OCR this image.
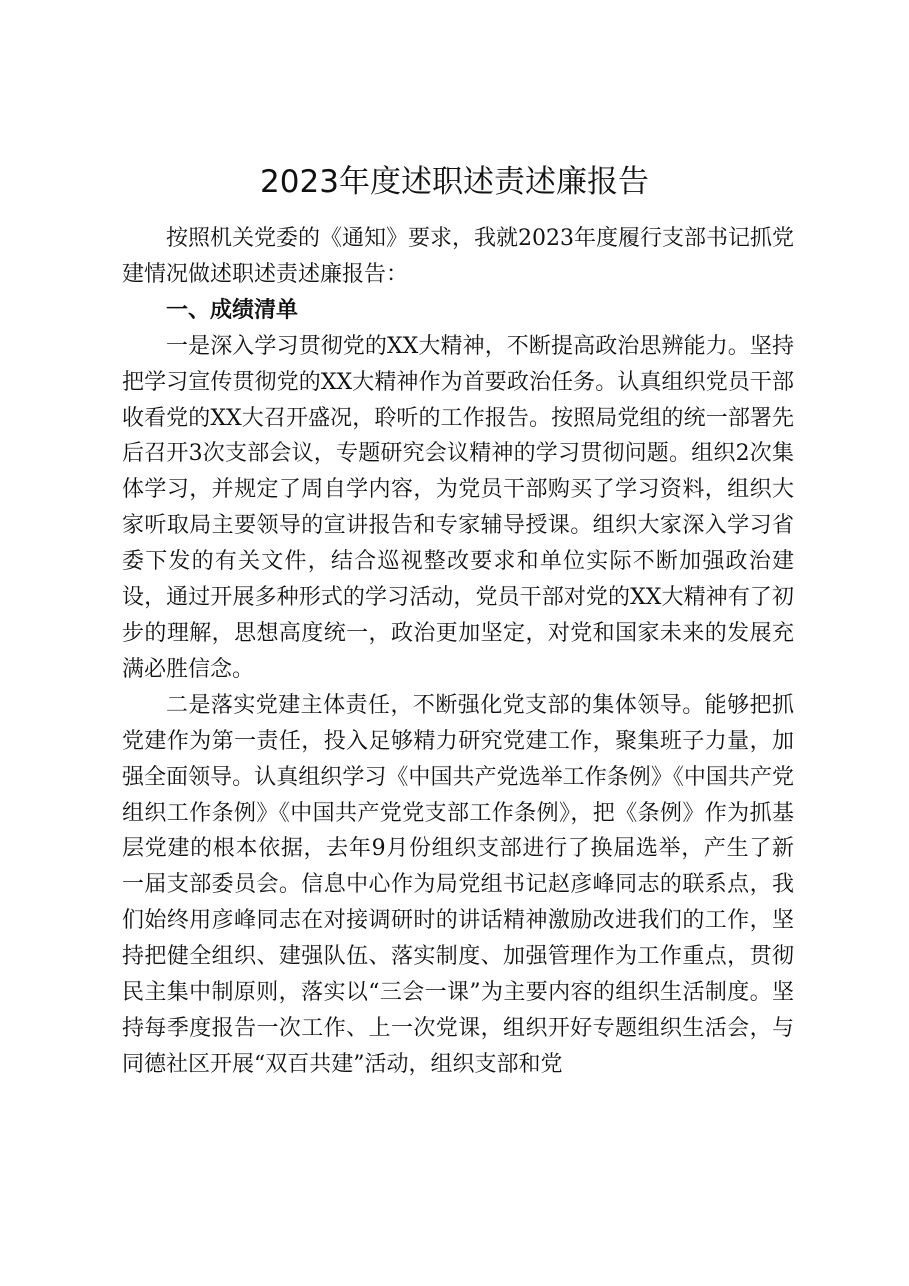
2023年度述职述责述廉报告

按照机关党委的《通知》要求，我就2023年度履行支部书记抓党建情况做述职述责述廉报告：

一、成绩清单

一是深入学习贯彻党的XX大精神，不断提高政治思辨能力。坚持把学习宣传贯彻党的XX大精神作为首要政治任务。认真组织党员干部收看党的XX大召开盛况，聆听的工作报告。按照局党组的统一部署先后召开3次支部会议，专题研究会议精神的学习贯彻问题。组织2次集体学习，并规定了周自学内容，为党员干部购买了学习资料，组织大家听取局主要领导的宣讲报告和专家辅导授课。组织大家深入学习省委下发的有关文件，结合巡视整改要求和单位实际不断加强政治建设，通过开展多种形式的学习活动，党员干部对党的XX大精神有了初步的理解，思想高度统一，政治更加坚定，对党和国家未来的发展充满必胜信念。

二是落实党建主体责任，不断强化党支部的集体领导。能够把抓党建作为第一责任，投入足够精力研究党建工作，聚集班子力量，加强全面领导。认真组织学习《中国共产党选举工作条例》《中国共产党组织工作条例》《中国共产党党支部工作条例》，把《条例》作为抓基层党建的根本依据，去年9月份组织支部进行了换届选举，产生了新一届支部委员会。信息中心作为局党组书记赵彦峰同志的联系点，我们始终用彦峰同志在对接调研时的讲话精神激励改进我们的工作，坚持把健全组织、建强队伍、落实制度、加强管理作为工作重点，贯彻民主集中制原则，落实以“三会一课”为主要内容的组织生活制度。坚持每季度报告一次工作、上一次党课，组织开好专题组织生活会，与同德社区开展“双百共建”活动，组织支部和党
